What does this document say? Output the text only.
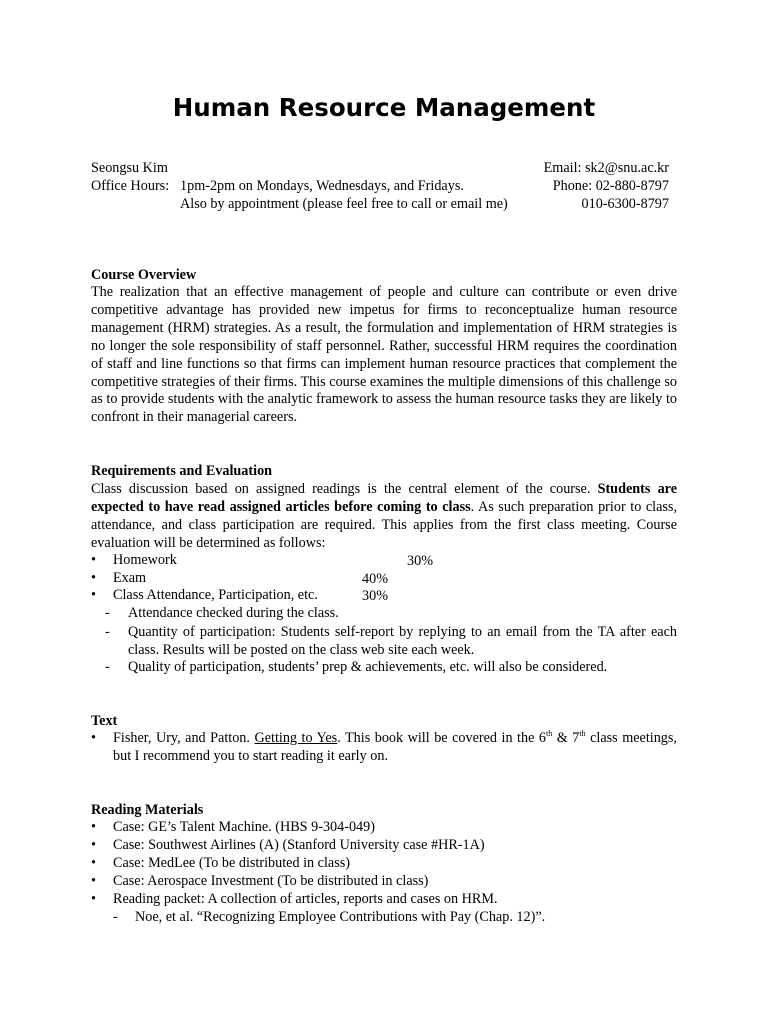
Human Resource Management
Seongsu Kim	Email: sk2@snu.ac.kr
Office Hours: 1pm-2pm on Mondays, Wednesdays, and Fridays.	Phone: 02-880-8797
Also by appointment (please feel free to call or email me)	010-6300-8797
Course Overview

The realization that an effective management of people and culture can contribute or even drive competitive advantage has provided new impetus for firms to reconceptualize human resource management (HRM) strategies. As a result, the formulation and implementation of HRM strategies is no longer the sole responsibility of staff personnel. Rather, successful HRM requires the coordination of staff and line functions so that firms can implement human resource practices that complement the competitive strategies of their firms. This course examines the multiple dimensions of this challenge so as to provide students with the analytic framework to assess the human resource tasks they are likely to confront in their managerial careers.

Requirements and Evaluation

Class discussion based on assigned readings is the central element of the course. Students are expected to have read assigned articles before coming to class. As such preparation prior to class, attendance, and class participation are required. This applies from the first class meeting. Course evaluation will be determined as follows:

• Homework	30%
• Exam	40%
• Class Attendance, Participation, etc.	30%
- Attendance checked during the class.
- Quantity of participation: Students self-report by replying to an email from the TA after each class. Results will be posted on the class web site each week.
- Quality of participation, students’ prep & achievements, etc. will also be considered.
Text
• Fisher, Ury, and Patton. Getting to Yes. This book will be covered in the 6th & 7th class meetings, but I recommend you to start reading it early on.
Reading Materials
• Case: GE’s Talent Machine. (HBS 9-304-049)
• Case: Southwest Airlines (A) (Stanford University case #HR-1A)
• Case: MedLee (To be distributed in class)
• Case: Aerospace Investment (To be distributed in class)
• Reading packet: A collection of articles, reports and cases on HRM.
- Noe, et al. “Recognizing Employee Contributions with Pay (Chap. 12)”.
